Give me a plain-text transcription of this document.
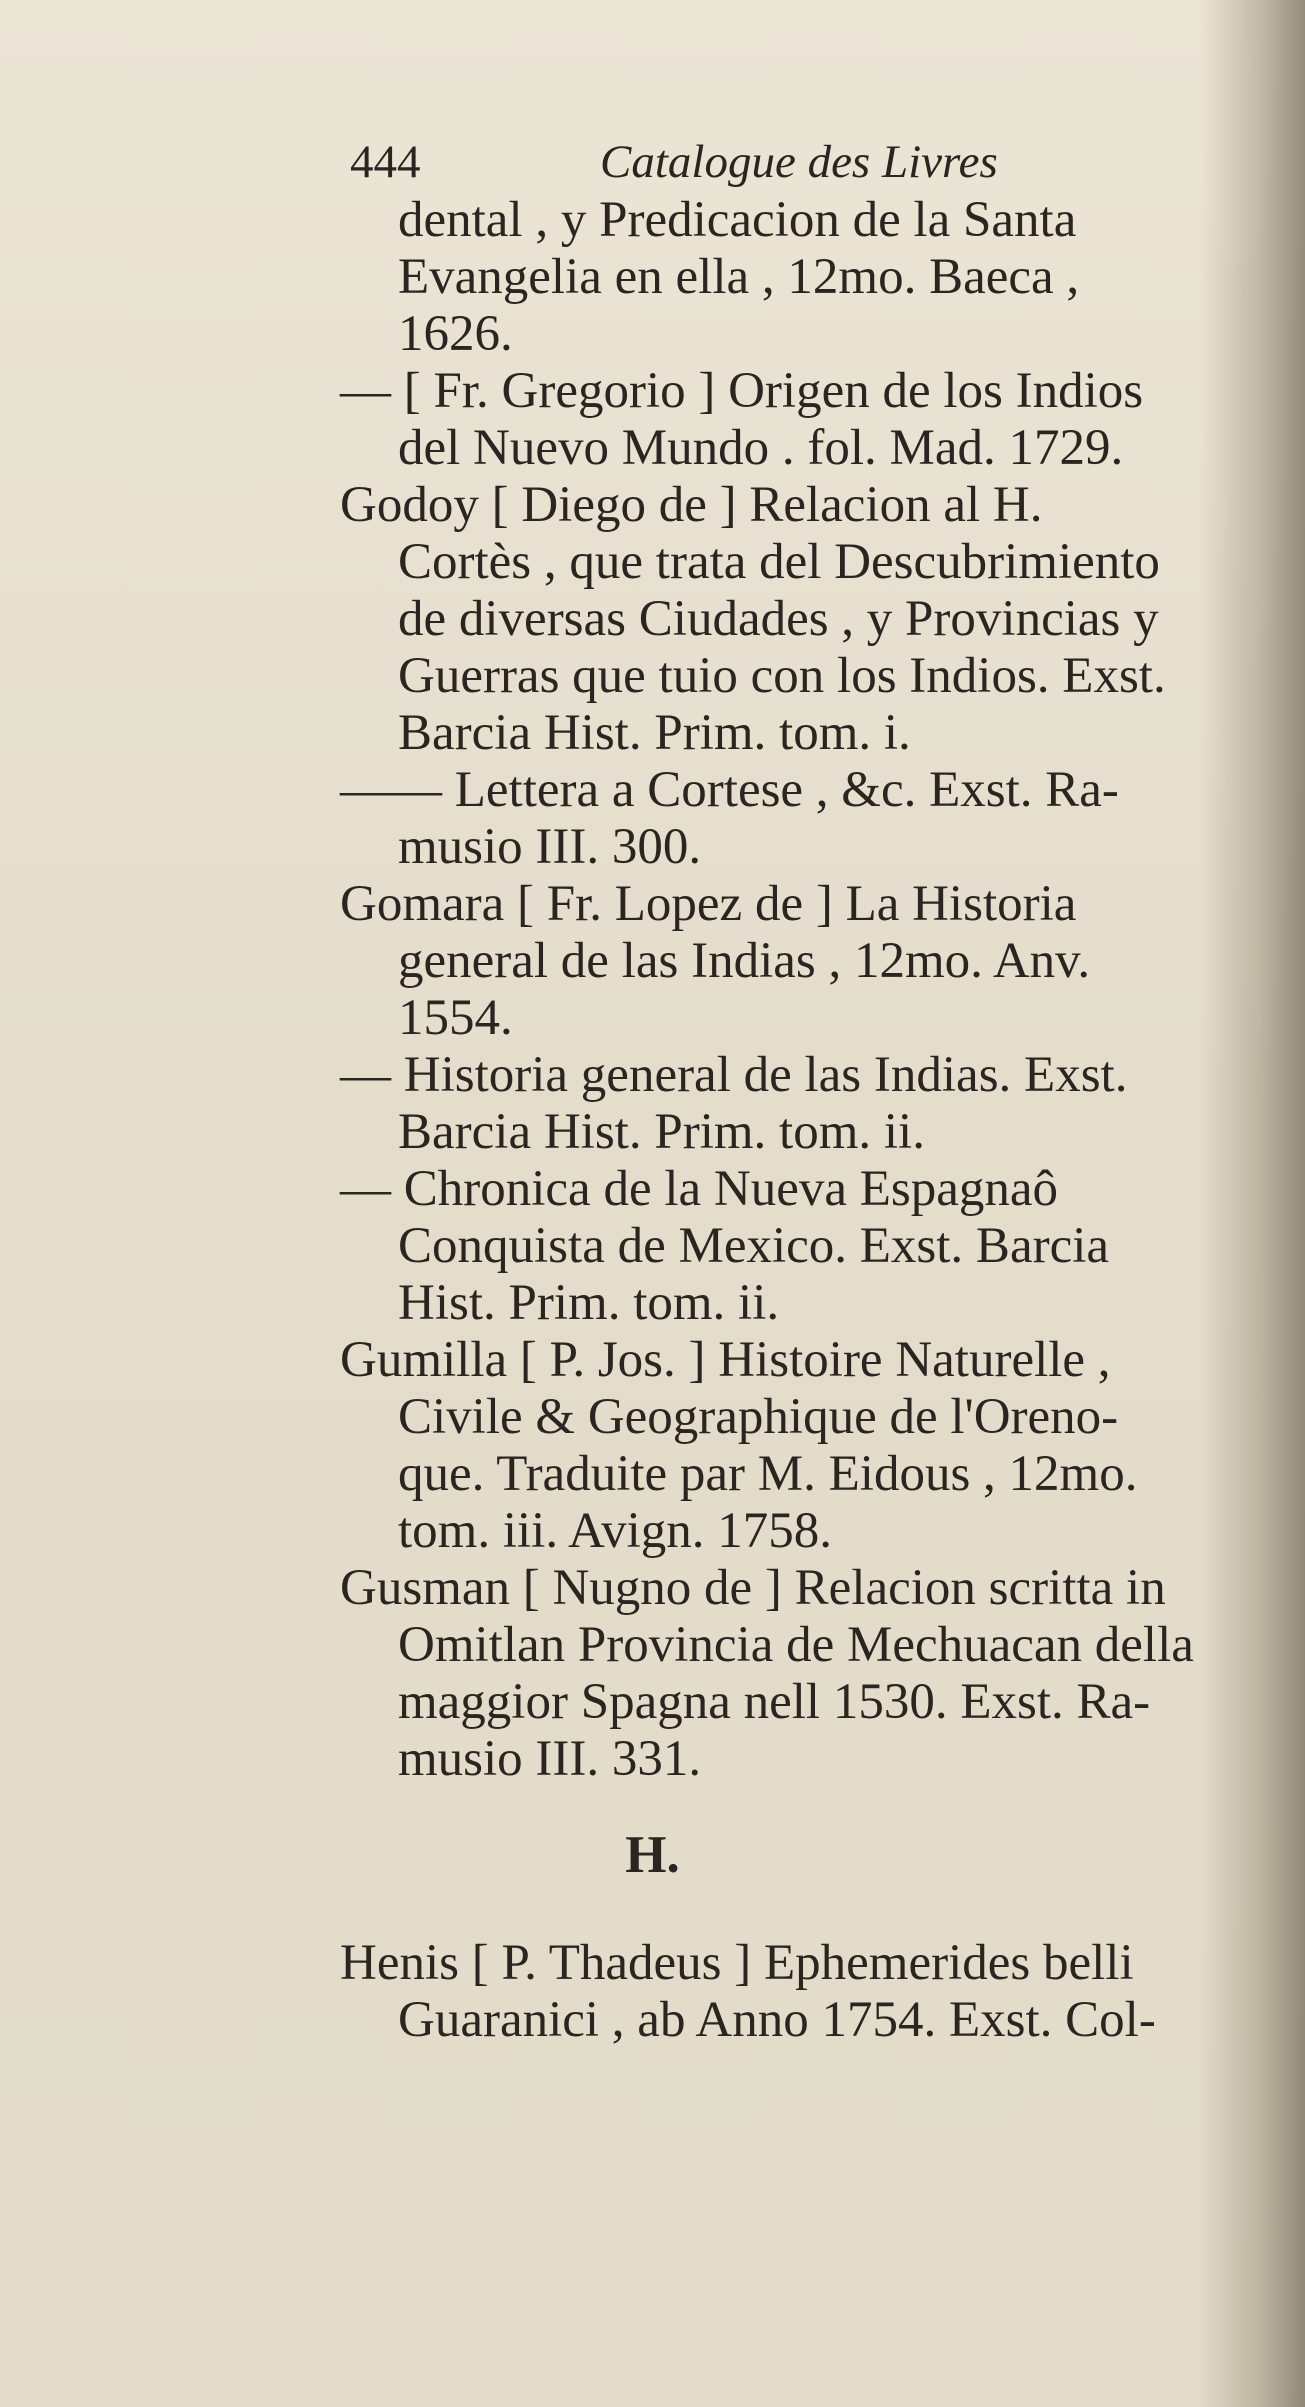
444	Catalogue des Livres
dental , y Predicacion de la Santa
Evangelia en ella , 12mo. Baeca ,
1626.
— [ Fr. Gregorio ] Origen de los Indios
del Nuevo Mundo . fol. Mad. 1729.
Godoy [ Diego de ] Relacion al H.
Cortès , que trata del Descubrimiento
de diversas Ciudades , y Provincias y
Guerras que tuio con los Indios. Exst.
Barcia Hist. Prim. tom. i.
—— Lettera a Cortese , &c. Exst. Ra-
musio III. 300.
Gomara [ Fr. Lopez de ] La Historia
general de las Indias , 12mo. Anv.
1554.
— Historia general de las Indias. Exst.
Barcia Hist. Prim. tom. ii.
— Chronica de la Nueva Espagnaô
Conquista de Mexico. Exst. Barcia
Hist. Prim. tom. ii.
Gumilla [ P. Jos. ] Histoire Naturelle ,
Civile & Geographique de l'Oreno-
que. Traduite par M. Eidous , 12mo.
tom. iii. Avign. 1758.
Gusman [ Nugno de ] Relacion scritta in
Omitlan Provincia de Mechuacan della
maggior Spagna nell 1530. Exst. Ra-
musio III. 331.
H.
Henis [ P. Thadeus ] Ephemerides belli
Guaranici , ab Anno 1754. Exst. Col-
